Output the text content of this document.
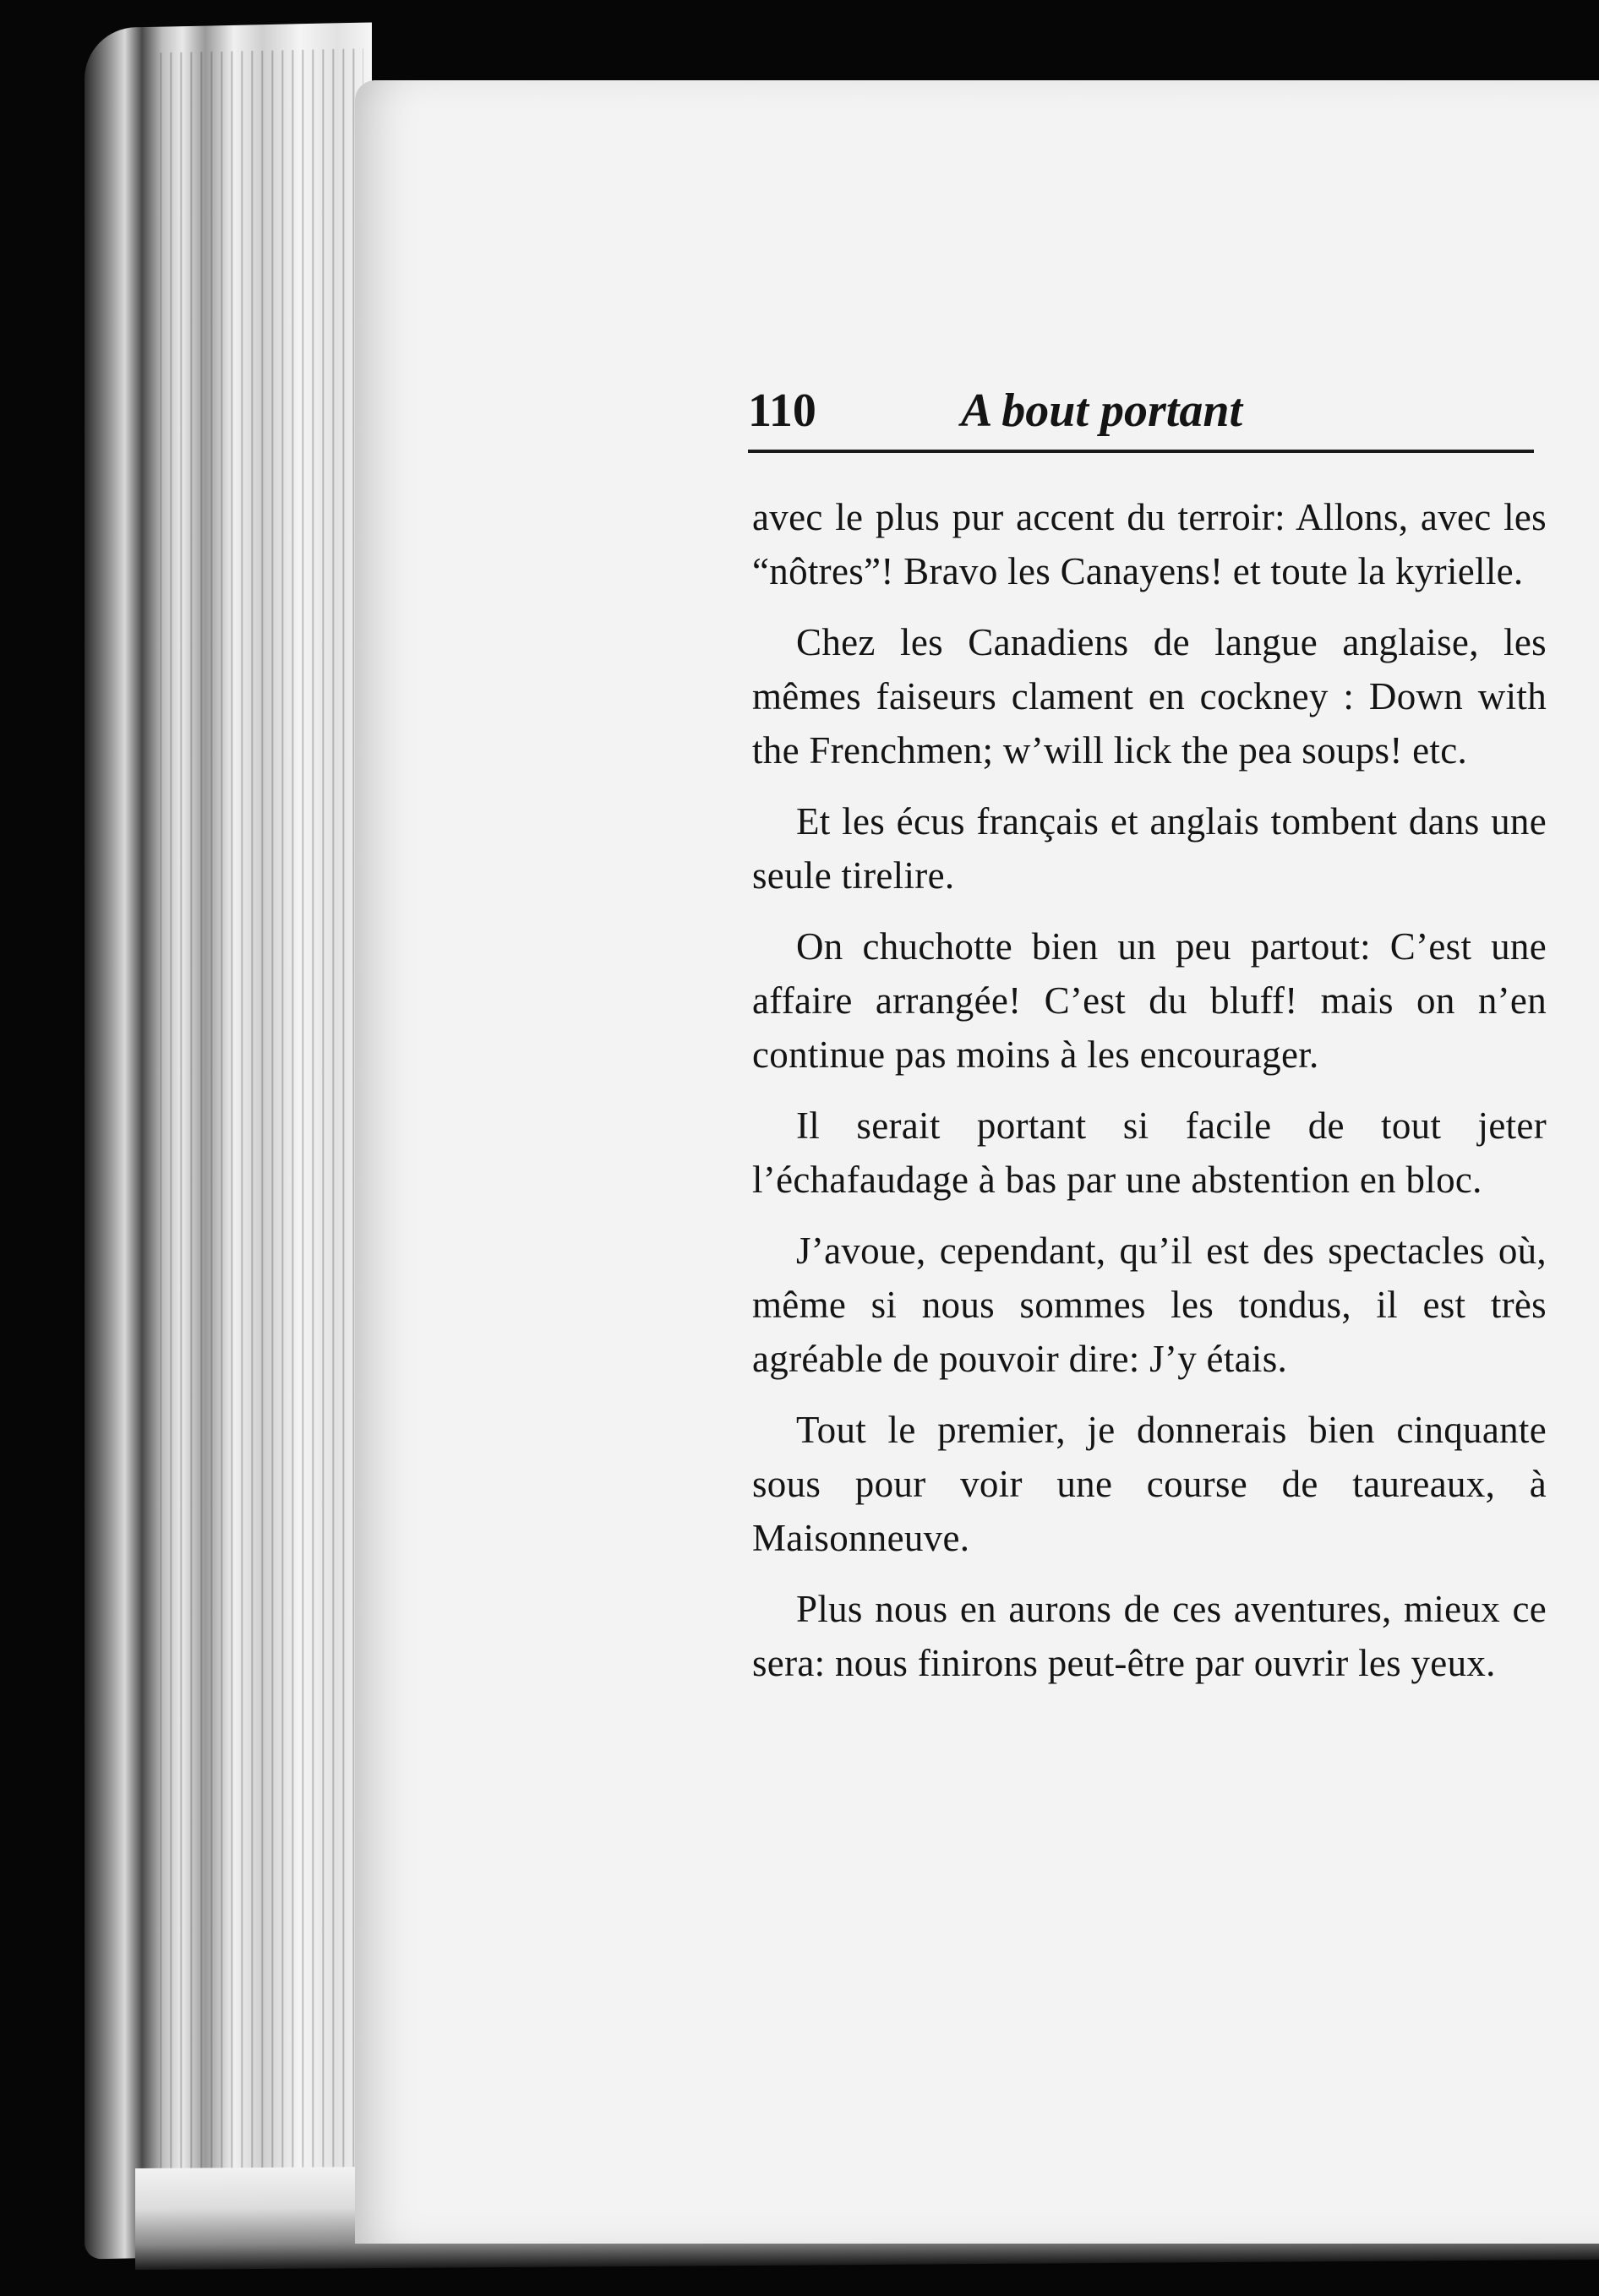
110	A bout portant

avec le plus pur accent du terroir: Allons, avec les “nôtres”! Bravo les Canayens! et toute la kyrielle.

Chez les Canadiens de langue anglaise, les mêmes faiseurs clament en cockney : Down with the Frenchmen; w’will lick the pea soups! etc.

Et les écus français et anglais tombent dans une seule tirelire.

On chuchotte bien un peu partout: C’est une affaire arrangée! C’est du bluff! mais on n’en continue pas moins à les encourager.

Il serait portant si facile de tout jeter l’échafaudage à bas par une abstention en bloc.

J’avoue, cependant, qu’il est des spectacles où, même si nous sommes les tondus, il est très agréable de pouvoir dire: J’y étais.

Tout le premier, je donnerais bien cinquante sous pour voir une course de taureaux, à Maisonneuve.

Plus nous en aurons de ces aventures, mieux ce sera: nous finirons peut-être par ouvrir les yeux.
